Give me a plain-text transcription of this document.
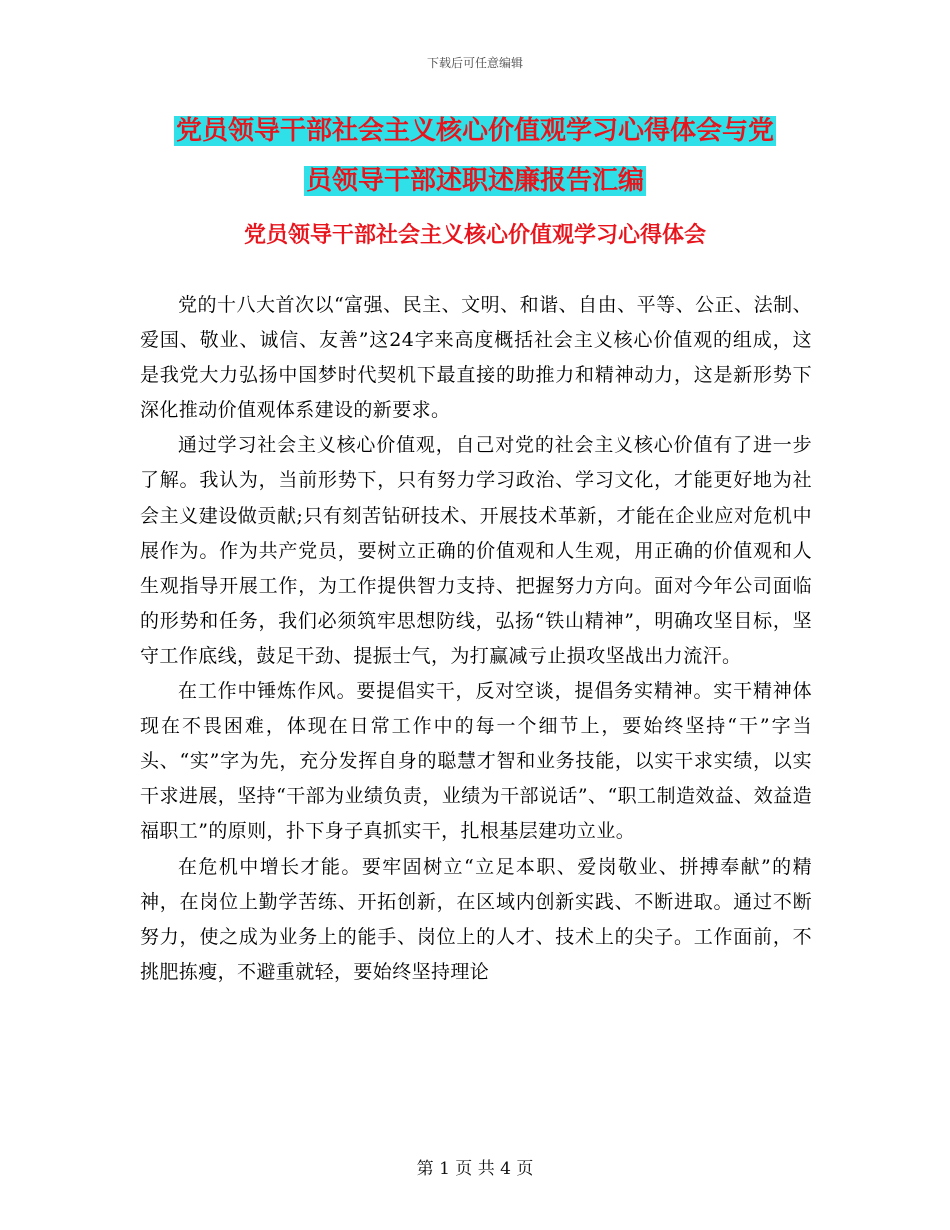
下载后可任意编辑
党员领导干部社会主义核心价值观学习心得体会与党
员领导干部述职述廉报告汇编
党员领导干部社会主义核心价值观学习心得体会

党的十八大首次以“富强、民主、文明、和谐、自由、平等、公正、法制、爱国、敬业、诚信、友善”这24字来高度概括社会主义核心价值观的组成，这是我党大力弘扬中国梦时代契机下最直接的助推力和精神动力，这是新形势下深化推动价值观体系建设的新要求。

通过学习社会主义核心价值观，自己对党的社会主义核心价值有了进一步了解。我认为，当前形势下，只有努力学习政治、学习文化，才能更好地为社会主义建设做贡献;只有刻苦钻研技术、开展技术革新，才能在企业应对危机中展作为。作为共产党员，要树立正确的价值观和人生观，用正确的价值观和人生观指导开展工作，为工作提供智力支持、把握努力方向。面对今年公司面临的形势和任务，我们必须筑牢思想防线，弘扬“铁山精神”，明确攻坚目标，坚守工作底线，鼓足干劲、提振士气，为打赢减亏止损攻坚战出力流汗。

在工作中锤炼作风。要提倡实干，反对空谈，提倡务实精神。实干精神体现在不畏困难，体现在日常工作中的每一个细节上，要始终坚持“干”字当头、“实”字为先，充分发挥自身的聪慧才智和业务技能，以实干求实绩，以实干求进展，坚持“干部为业绩负责，业绩为干部说话”、“职工制造效益、效益造福职工”的原则，扑下身子真抓实干，扎根基层建功立业。

在危机中增长才能。要牢固树立“立足本职、爱岗敬业、拼搏奉献”的精神，在岗位上勤学苦练、开拓创新，在区域内创新实践、不断进取。通过不断努力，使之成为业务上的能手、岗位上的人才、技术上的尖子。工作面前，不挑肥拣瘦，不避重就轻，要始终坚持理论

第 1 页 共 4 页
